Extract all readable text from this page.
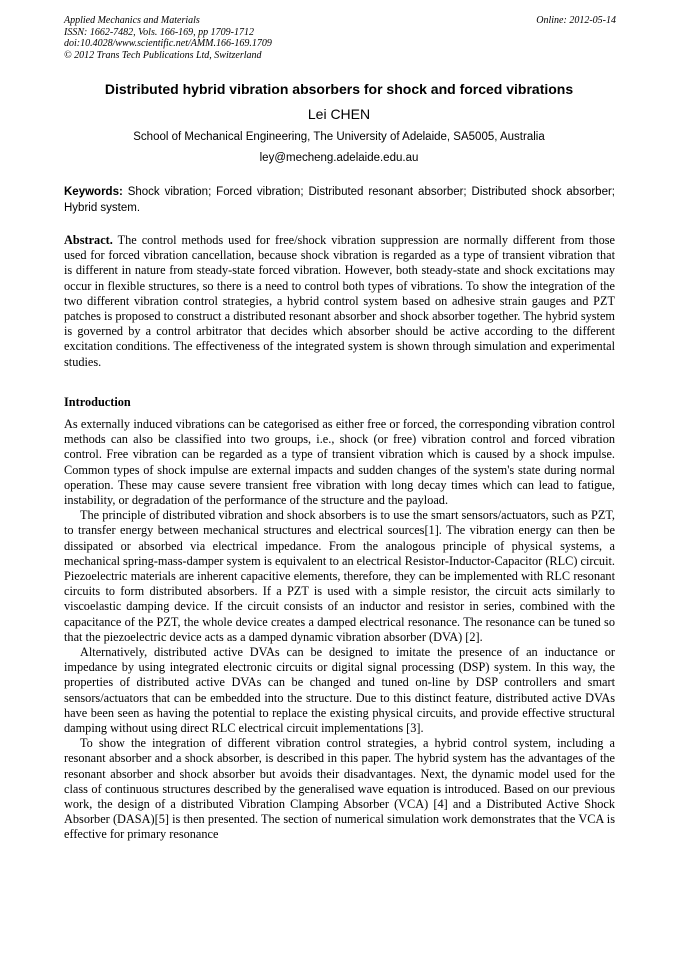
Applied Mechanics and Materials
ISSN: 1662-7482, Vols. 166-169, pp 1709-1712
doi:10.4028/www.scientific.net/AMM.166-169.1709
© 2012 Trans Tech Publications Ltd, Switzerland
Online: 2012-05-14
Distributed hybrid vibration absorbers for shock and forced vibrations
Lei CHEN
School of Mechanical Engineering, The University of Adelaide, SA5005, Australia
ley@mecheng.adelaide.edu.au
Keywords: Shock vibration; Forced vibration; Distributed resonant absorber; Distributed shock absorber; Hybrid system.
Abstract. The control methods used for free/shock vibration suppression are normally different from those used for forced vibration cancellation, because shock vibration is regarded as a type of transient vibration that is different in nature from steady-state forced vibration. However, both steady-state and shock excitations may occur in flexible structures, so there is a need to control both types of vibrations. To show the integration of the two different vibration control strategies, a hybrid control system based on adhesive strain gauges and PZT patches is proposed to construct a distributed resonant absorber and shock absorber together. The hybrid system is governed by a control arbitrator that decides which absorber should be active according to the different excitation conditions. The effectiveness of the integrated system is shown through simulation and experimental studies.
Introduction

As externally induced vibrations can be categorised as either free or forced, the corresponding vibration control methods can also be classified into two groups, i.e., shock (or free) vibration control and forced vibration control. Free vibration can be regarded as a type of transient vibration which is caused by a shock impulse. Common types of shock impulse are external impacts and sudden changes of the system's state during normal operation. These may cause severe transient free vibration with long decay times which can lead to fatigue, instability, or degradation of the performance of the structure and the payload.

The principle of distributed vibration and shock absorbers is to use the smart sensors/actuators, such as PZT, to transfer energy between mechanical structures and electrical sources[1]. The vibration energy can then be dissipated or absorbed via electrical impedance. From the analogous principle of physical systems, a mechanical spring-mass-damper system is equivalent to an electrical Resistor-Inductor-Capacitor (RLC) circuit. Piezoelectric materials are inherent capacitive elements, therefore, they can be implemented with RLC resonant circuits to form distributed absorbers. If a PZT is used with a simple resistor, the circuit acts similarly to viscoelastic damping device. If the circuit consists of an inductor and resistor in series, combined with the capacitance of the PZT, the whole device creates a damped electrical resonance. The resonance can be tuned so that the piezoelectric device acts as a damped dynamic vibration absorber (DVA) [2].

Alternatively, distributed active DVAs can be designed to imitate the presence of an inductance or impedance by using integrated electronic circuits or digital signal processing (DSP) system. In this way, the properties of distributed active DVAs can be changed and tuned on-line by DSP controllers and smart sensors/actuators that can be embedded into the structure. Due to this distinct feature, distributed active DVAs have been seen as having the potential to replace the existing physical circuits, and provide effective structural damping without using direct RLC electrical circuit implementations [3].

To show the integration of different vibration control strategies, a hybrid control system, including a resonant absorber and a shock absorber, is described in this paper. The hybrid system has the advantages of the resonant absorber and shock absorber but avoids their disadvantages. Next, the dynamic model used for the class of continuous structures described by the generalised wave equation is introduced. Based on our previous work, the design of a distributed Vibration Clamping Absorber (VCA) [4] and a Distributed Active Shock Absorber (DASA)[5] is then presented. The section of numerical simulation work demonstrates that the VCA is effective for primary resonance
